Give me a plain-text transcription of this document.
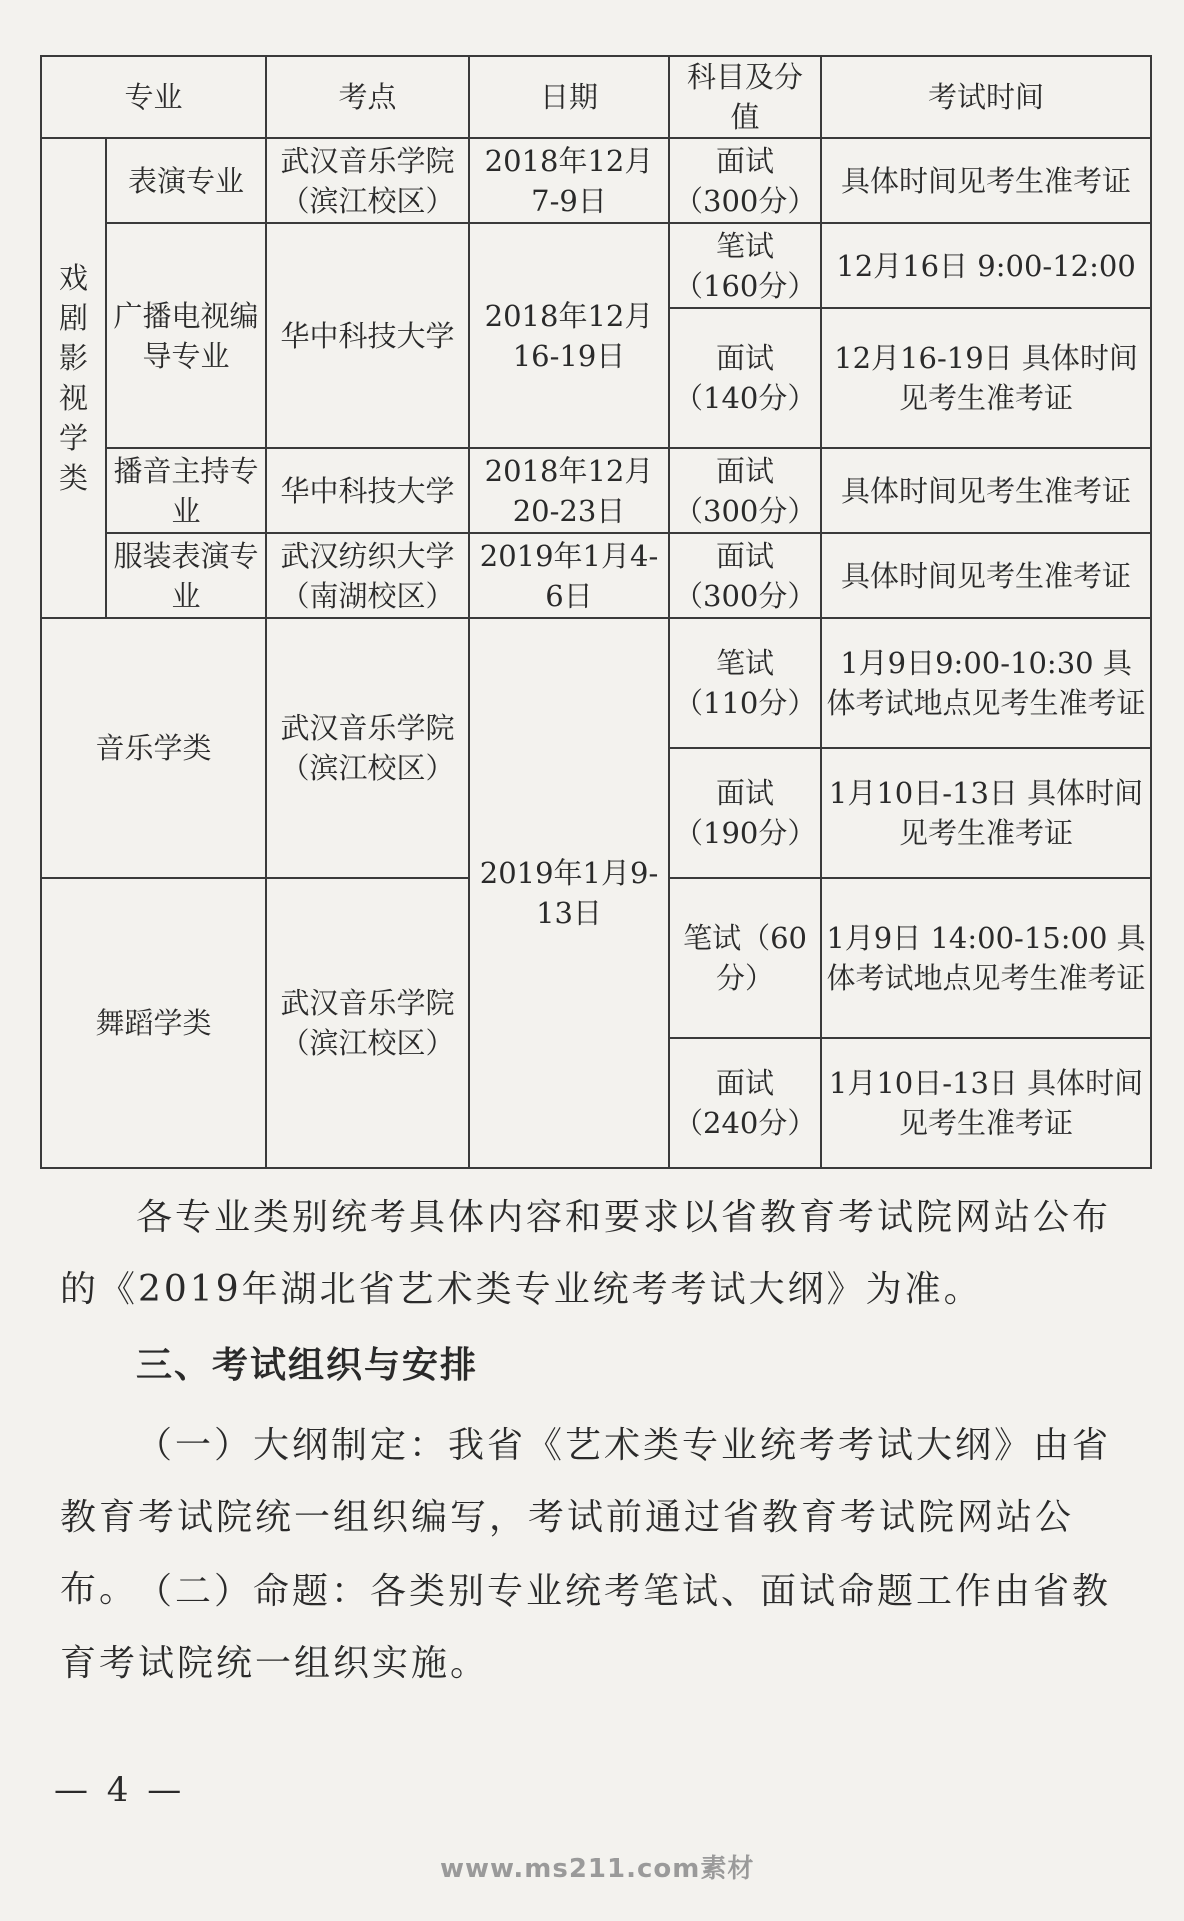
专业		考点	日期	科目及分值	考试时间
戏剧影视学类	表演专业	武汉音乐学院（滨江校区）	2018年12月7-9日	面试（300分）	具体时间见考生准考证
	广播电视编导专业	华中科技大学	2018年12月16-19日	笔试（160分）	12月16日 9:00-12:00
				面试（140分）	12月16-19日 具体时间见考生准考证
	播音主持专业	华中科技大学	2018年12月20-23日	面试（300分）	具体时间见考生准考证
	服装表演专业	武汉纺织大学（南湖校区）	2019年1月4-6日	面试（300分）	具体时间见考生准考证
音乐学类		武汉音乐学院（滨江校区）	2019年1月9-13日	笔试（110分）	1月9日9:00-10:30 具体考试地点见考生准考证
				面试（190分）	1月10日-13日 具体时间见考生准考证
舞蹈学类		武汉音乐学院（滨江校区）		笔试（60分）	1月9日 14:00-15:00 具体考试地点见考生准考证
				面试（240分）	1月10日-13日 具体时间见考生准考证

各专业类别统考具体内容和要求以省教育考试院网站公布的《2019年湖北省艺术类专业统考考试大纲》为准。

三、考试组织与安排

（一）大纲制定：我省《艺术类专业统考考试大纲》由省教育考试院统一组织编写，考试前通过省教育考试院网站公布。

（二）命题：各类别专业统考笔试、面试命题工作由省教育考试院统一组织实施。

— 4 —
www.ms211.com素材
